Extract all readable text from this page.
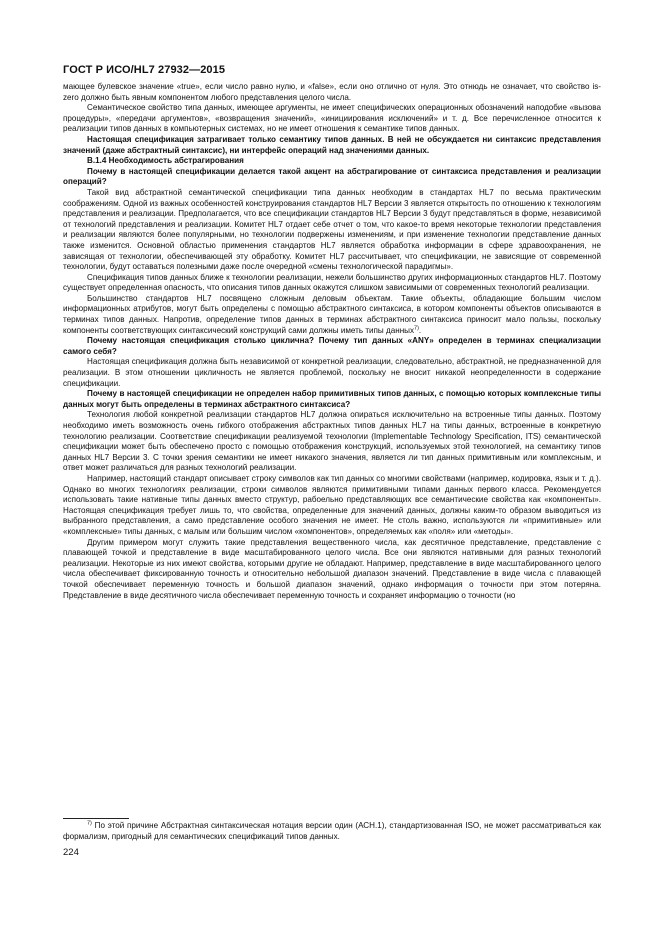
ГОСТ Р ИСО/HL7 27932—2015

мающее булевское значение «true», если число равно нулю, и «false», если оно отлично от нуля. Это отнюдь не означает, что свойство is-zero должно быть явным компонентом любого представления целого числа.

Семантическое свойство типа данных, имеющее аргументы, не имеет специфических операционных обозначений наподобие «вызова процедуры», «передачи аргументов», «возвращения значений», «инициирования исключений» и т. д. Все перечисленное относится к реализации типов данных в компьютерных системах, но не имеет отношения к семантике типов данных.

Настоящая спецификация затрагивает только семантику типов данных. В ней не обсуждается ни синтаксис представления значений (даже абстрактный синтаксис), ни интерфейс операций над значениями данных.

В.1.4 Необходимость абстрагирования

Почему в настоящей спецификации делается такой акцент на абстрагирование от синтаксиса представления и реализации операций?

Такой вид абстрактной семантической спецификации типа данных необходим в стандартах HL7 по весьма практическим соображениям. Одной из важных особенностей конструирования стандартов HL7 Версии 3 является открытость по отношению к технологиям представления и реализации. Предполагается, что все спецификации стандартов HL7 Версии 3 будут представляться в форме, независимой от технологий представления и реализации. Комитет HL7 отдает себе отчет о том, что какое-то время некоторые технологии представления и реализации являются более популярными, но технологии подвержены изменениям, и при изменение технологии представление данных также изменится. Основной областью применения стандартов HL7 является обработка информации в сфере здравоохранения, не зависящая от технологии, обеспечивающей эту обработку. Комитет HL7 рассчитывает, что спецификации, не зависящие от современной технологии, будут оставаться полезными даже после очередной «смены технологической парадигмы».

Спецификация типов данных ближе к технологии реализации, нежели большинство других информационных стандартов HL7. Поэтому существует определенная опасность, что описания типов данных окажутся слишком зависимыми от современных технологий реализации.

Большинство стандартов HL7 посвящено сложным деловым объектам. Такие объекты, обладающие большим числом информационных атрибутов, могут быть определены с помощью абстрактного синтаксиса, в котором компоненты объектов описываются в терминах типов данных. Напротив, определение типов данных в терминах абстрактного синтаксиса приносит мало пользы, поскольку компоненты соответствующих синтаксический конструкций сами должны иметь типы данных$^{7)}$.

Почему настоящая спецификация столько циклична? Почему тип данных «ANY» определен в терминах специализации самого себя?

Настоящая спецификация должна быть независимой от конкретной реализации, следовательно, абстрактной, не предназначенной для реализации. В этом отношении цикличность не является проблемой, поскольку не вносит никакой неопределенности в содержание спецификации.

Почему в настоящей спецификации не определен набор примитивных типов данных, с помощью которых комплексные типы данных могут быть определены в терминах абстрактного синтаксиса?

Технология любой конкретной реализации стандартов HL7 должна опираться исключительно на встроенные типы данных. Поэтому необходимо иметь возможность очень гибкого отображения абстрактных типов данных HL7 на типы данных, встроенные в конкретную технологию реализации. Соответствие спецификации реализуемой технологии (Implementable Technology Specification, ITS) семантической спецификации может быть обеспечено просто с помощью отображения конструкций, используемых этой технологией, на семантику типов данных HL7 Версии 3. С точки зрения семантики не имеет никакого значения, является ли тип данных примитивным или комплексным, и ответ может различаться для разных технологий реализации.

Например, настоящий стандарт описывает строку символов как тип данных со многими свойствами (например, кодировка, язык и т. д.). Однако во многих технологиях реализации, строки символов являются примитивными типами данных первого класса. Рекомендуется использовать такие нативные типы данных вместо структур, рабоельно представляющих все семантические свойства как «компоненты». Настоящая спецификация требует лишь то, что свойства, определенные для значений данных, должны каким-то образом выводиться из выбранного представления, а само представление особого значения не имеет. Не столь важно, используются ли «примитивные» или «комплексные» типы данных, с малым или большим числом «компонентов», определяемых как «поля» или «методы».

Другим примером могут служить такие представления вещественного числа, как десятичное представление, представление с плавающей точкой и представление в виде масштабированного целого числа. Все они являются нативными для разных технологий реализации. Некоторые из них имеют свойства, которыми другие не обладают. Например, представление в виде масштабированного целого числа обеспечивает фиксированную точность и относительно небольшой диапазон значений. Представление в виде числа с плавающей точкой обеспечивает переменную точность и большой диапазон значений, однако информация о точности при этом потеряна. Представление в виде десятичного числа обеспечивает переменную точность и сохраняет информацию о точности (но

$^{7)}$ По этой причине Абстрактная синтаксическая нотация версии один (АСН.1), стандартизованная ISO, не может рассматриваться как формализм, пригодный для семантических спецификаций типов данных.
224
